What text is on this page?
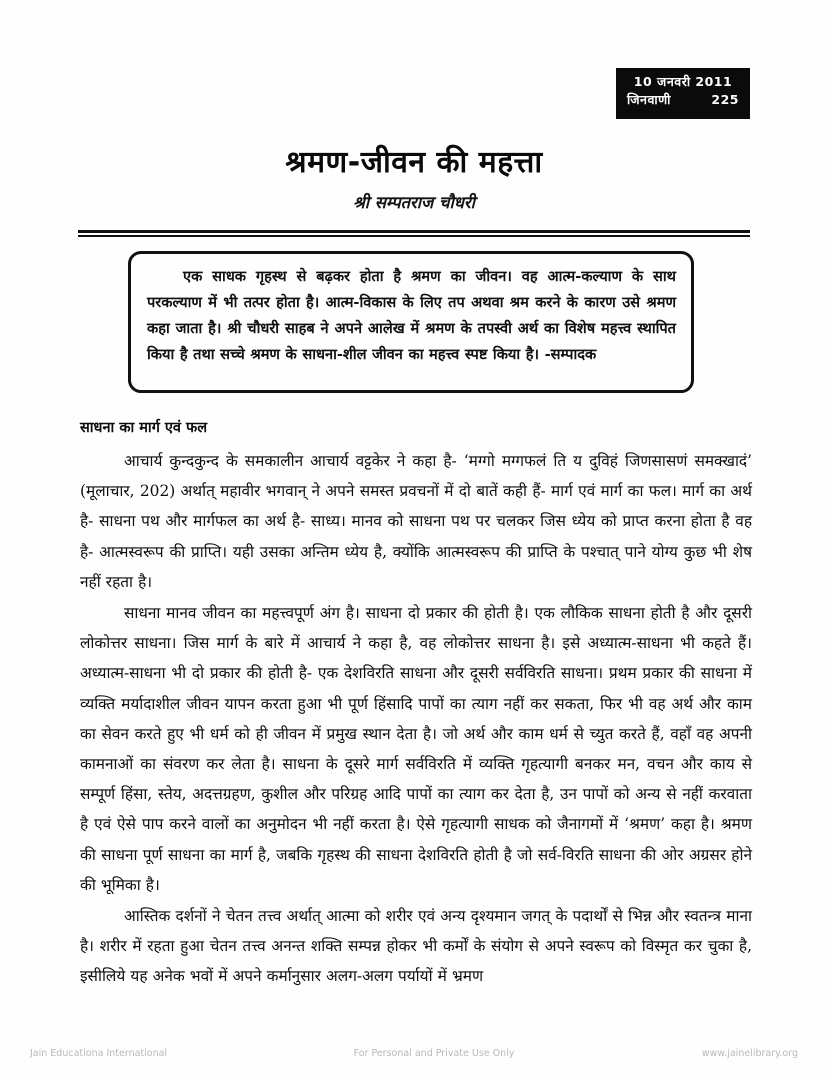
10 जनवरी 2011
जिनवाणी	225
श्रमण-जीवन की महत्ता
श्री सम्पतराज चौधरी

एक साधक गृहस्थ से बढ़कर होता है श्रमण का जीवन। वह आत्म-कल्याण के साथ परकल्याण में भी तत्पर होता है। आत्म-विकास के लिए तप अथवा श्रम करने के कारण उसे श्रमण कहा जाता है। श्री चौधरी साहब ने अपने आलेख में श्रमण के तपस्वी अर्थ का विशेष महत्त्व स्थापित किया है तथा सच्चे श्रमण के साधना-शील जीवन का महत्त्व स्पष्ट किया है। -सम्पादक

साधना का मार्ग एवं फल

आचार्य कुन्दकुन्द के समकालीन आचार्य वट्टकेर ने कहा है- ‘मग्गो मग्गफलं ति य दुविहं जिणसासणं समक्खादं’ (मूलाचार, 202) अर्थात् महावीर भगवान् ने अपने समस्त प्रवचनों में दो बातें कही हैं- मार्ग एवं मार्ग का फल। मार्ग का अर्थ है- साधना पथ और मार्गफल का अर्थ है- साध्य। मानव को साधना पथ पर चलकर जिस ध्येय को प्राप्त करना होता है वह है- आत्मस्वरूप की प्राप्ति। यही उसका अन्तिम ध्येय है, क्योंकि आत्मस्वरूप की प्राप्ति के पश्चात् पाने योग्य कुछ भी शेष नहीं रहता है।

साधना मानव जीवन का महत्त्वपूर्ण अंग है। साधना दो प्रकार की होती है। एक लौकिक साधना होती है और दूसरी लोकोत्तर साधना। जिस मार्ग के बारे में आचार्य ने कहा है, वह लोकोत्तर साधना है। इसे अध्यात्म-साधना भी कहते हैं। अध्यात्म-साधना भी दो प्रकार की होती है- एक देशविरति साधना और दूसरी सर्वविरति साधना। प्रथम प्रकार की साधना में व्यक्ति मर्यादाशील जीवन यापन करता हुआ भी पूर्ण हिंसादि पापों का त्याग नहीं कर सकता, फिर भी वह अर्थ और काम का सेवन करते हुए भी धर्म को ही जीवन में प्रमुख स्थान देता है। जो अर्थ और काम धर्म से च्युत करते हैं, वहाँ वह अपनी कामनाओं का संवरण कर लेता है। साधना के दूसरे मार्ग सर्वविरति में व्यक्ति गृहत्यागी बनकर मन, वचन और काय से सम्पूर्ण हिंसा, स्तेय, अदत्तग्रहण, कुशील और परिग्रह आदि पापों का त्याग कर देता है, उन पापों को अन्य से नहीं करवाता है एवं ऐसे पाप करने वालों का अनुमोदन भी नहीं करता है। ऐसे गृहत्यागी साधक को जैनागमों में ‘श्रमण’ कहा है। श्रमण की साधना पूर्ण साधना का मार्ग है, जबकि गृहस्थ की साधना देशविरति होती है जो सर्व-विरति साधना की ओर अग्रसर होने की भूमिका है।

आस्तिक दर्शनों ने चेतन तत्त्व अर्थात् आत्मा को शरीर एवं अन्य दृश्यमान जगत् के पदार्थों से भिन्न और स्वतन्त्र माना है। शरीर में रहता हुआ चेतन तत्त्व अनन्त शक्ति सम्पन्न होकर भी कर्मों के संयोग से अपने स्वरूप को विस्मृत कर चुका है, इसीलिये यह अनेक भवों में अपने कर्मानुसार अलग-अलग पर्यायों में भ्रमण

Jain Educationa International	For Personal and Private Use Only	www.jainelibrary.org
